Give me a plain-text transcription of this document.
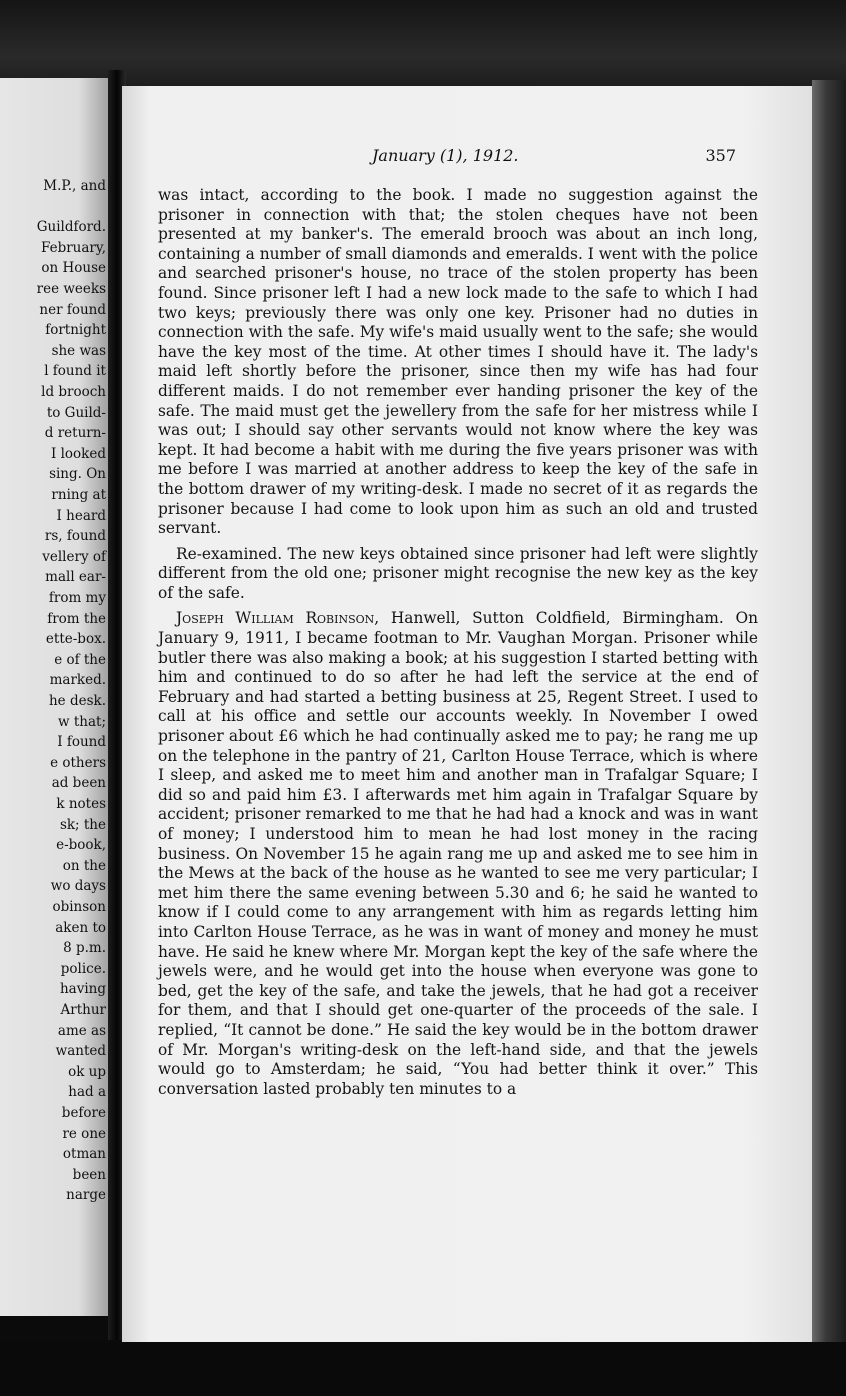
M.P., and
Guildford.
February,
on House
ree weeks
ner found
fortnight
she was
l found it
ld brooch
to Guild-
d return-
I looked
sing. On
rning at
I heard
rs, found
vellery of
mall ear-
from my
from the
ette-box.
e of the
marked.
he desk.
w that;
I found
e others
ad been
k notes
sk; the
e-book,
on the
wo days
obinson
aken to
8 p.m.
police.
having
Arthur
ame as
wanted
ok up
had a
before
re one
otman
been
narge
January (1), 1912.	357

was intact, according to the book. I made no suggestion against the prisoner in connection with that; the stolen cheques have not been presented at my banker's. The emerald brooch was about an inch long, containing a number of small diamonds and emeralds. I went with the police and searched prisoner's house, no trace of the stolen property has been found. Since prisoner left I had a new lock made to the safe to which I had two keys; previously there was only one key. Prisoner had no duties in connection with the safe. My wife's maid usually went to the safe; she would have the key most of the time. At other times I should have it. The lady's maid left shortly before the prisoner, since then my wife has had four different maids. I do not remember ever handing prisoner the key of the safe. The maid must get the jewellery from the safe for her mistress while I was out; I should say other servants would not know where the key was kept. It had become a habit with me during the five years prisoner was with me before I was married at another address to keep the key of the safe in the bottom drawer of my writing-desk. I made no secret of it as regards the prisoner because I had come to look upon him as such an old and trusted servant.

Re-examined. The new keys obtained since prisoner had left were slightly different from the old one; prisoner might recognise the new key as the key of the safe.

Joseph William Robinson, Hanwell, Sutton Coldfield, Birmingham. On January 9, 1911, I became footman to Mr. Vaughan Morgan. Prisoner while butler there was also making a book; at his suggestion I started betting with him and continued to do so after he had left the service at the end of February and had started a betting business at 25, Regent Street. I used to call at his office and settle our accounts weekly. In November I owed prisoner about £6 which he had continually asked me to pay; he rang me up on the telephone in the pantry of 21, Carlton House Terrace, which is where I sleep, and asked me to meet him and another man in Trafalgar Square; I did so and paid him £3. I afterwards met him again in Trafalgar Square by accident; prisoner remarked to me that he had had a knock and was in want of money; I understood him to mean he had lost money in the racing business. On November 15 he again rang me up and asked me to see him in the Mews at the back of the house as he wanted to see me very particular; I met him there the same evening between 5.30 and 6; he said he wanted to know if I could come to any arrangement with him as regards letting him into Carlton House Terrace, as he was in want of money and money he must have. He said he knew where Mr. Morgan kept the key of the safe where the jewels were, and he would get into the house when everyone was gone to bed, get the key of the safe, and take the jewels, that he had got a receiver for them, and that I should get one-quarter of the proceeds of the sale. I replied, “It cannot be done.” He said the key would be in the bottom drawer of Mr. Morgan's writing-desk on the left-hand side, and that the jewels would go to Amsterdam; he said, “You had better think it over.” This conversation lasted probably ten minutes to a
